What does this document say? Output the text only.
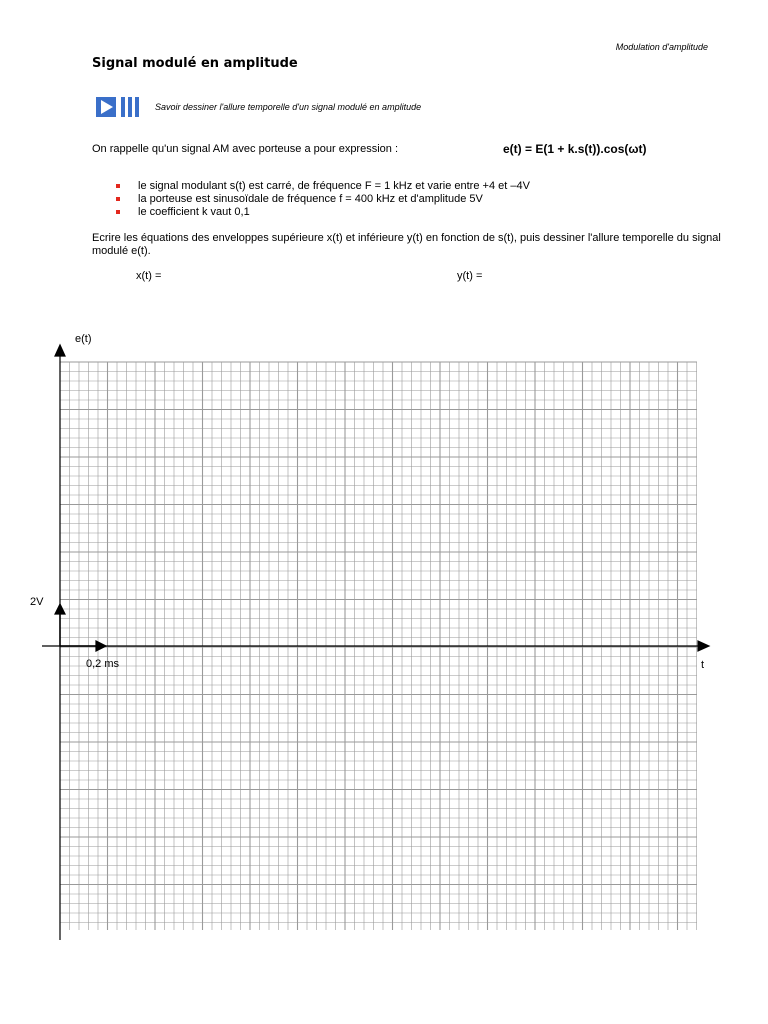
Modulation d'amplitude
Signal modulé en amplitude
Savoir dessiner l'allure temporelle d'un signal modulé en amplitude
On rappelle qu'un signal AM avec porteuse a pour expression :	e(t) = E(1 + k.s(t)).cos(ωt)
le signal modulant s(t) est carré, de fréquence F = 1 kHz et varie entre +4 et –4V
la porteuse est sinusoïdale de fréquence f = 400 kHz et d'amplitude 5V
le coefficient k vaut 0,1
Ecrire les équations des enveloppes supérieure x(t) et inférieure y(t) en fonction de s(t), puis dessiner l'allure temporelle du signal modulé e(t).
x(t) =	y(t) =
e(t)
2V
0,2 ms	t
